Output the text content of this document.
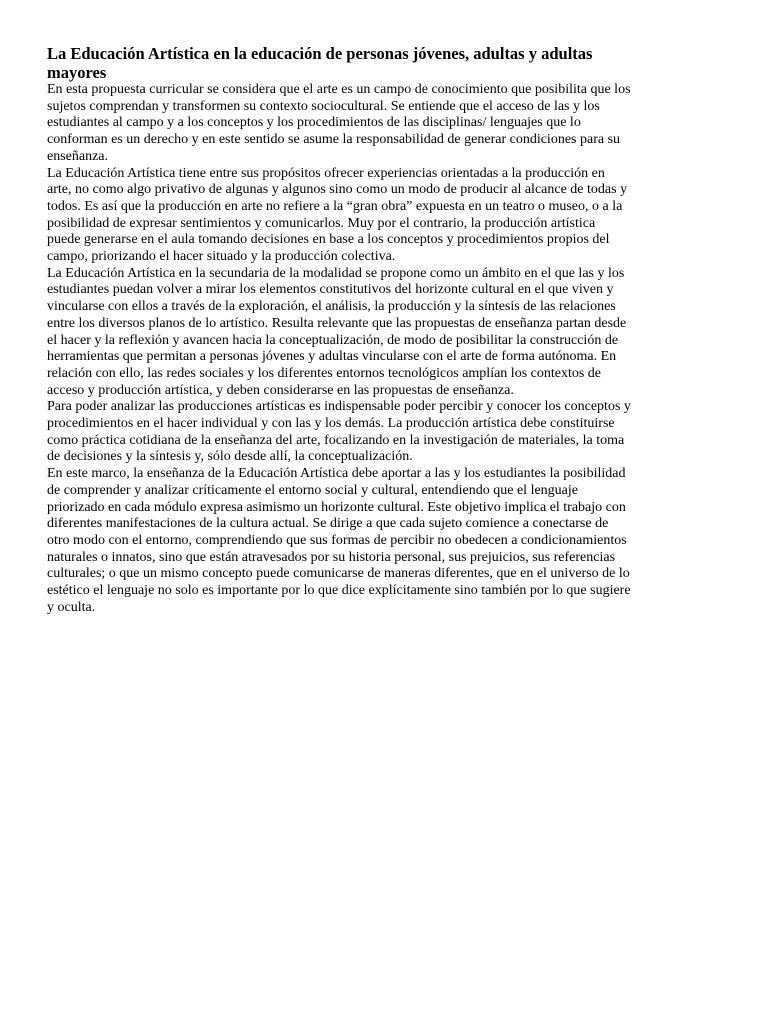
La Educación Artística en la educación de personas jóvenes, adultas y adultas mayores

En esta propuesta curricular se considera que el arte es un campo de conocimiento que posibilita que los sujetos comprendan y transformen su contexto sociocultural. Se entiende que el acceso de las y los estudiantes al campo y a los conceptos y los procedimientos de las disciplinas/ lenguajes que lo conforman es un derecho y en este sentido se asume la responsabilidad de generar condiciones para su enseñanza.

La Educación Artística tiene entre sus propósitos ofrecer experiencias orientadas a la producción en arte, no como algo privativo de algunas y algunos sino como un modo de producir al alcance de todas y todos. Es así que la producción en arte no refiere a la “gran obra” expuesta en un teatro o museo, o a la posibilidad de expresar sentimientos y comunicarlos. Muy por el contrario, la producción artística puede generarse en el aula tomando decisiones en base a los conceptos y procedimientos propios del campo, priorizando el hacer situado y la producción colectiva.

La Educación Artística en la secundaria de la modalidad se propone como un ámbito en el que las y los estudiantes puedan volver a mirar los elementos constitutivos del horizonte cultural en el que viven y vincularse con ellos a través de la exploración, el análisis, la producción y la síntesis de las relaciones entre los diversos planos de lo artístico. Resulta relevante que las propuestas de enseñanza partan desde el hacer y la reflexión y avancen hacia la conceptualización, de modo de posibilitar la construcción de herramientas que permitan a personas jóvenes y adultas vincularse con el arte de forma autónoma. En relación con ello, las redes sociales y los diferentes entornos tecnológicos amplían los contextos de acceso y producción artística, y deben considerarse en las propuestas de enseñanza.

Para poder analizar las producciones artísticas es indispensable poder percibir y conocer los conceptos y procedimientos en el hacer individual y con las y los demás. La producción artística debe constituirse como práctica cotidiana de la enseñanza del arte, focalizando en la investigación de materiales, la toma de decisiones y la síntesis y, sólo desde allí, la conceptualización.

En este marco, la enseñanza de la Educación Artística debe aportar a las y los estudiantes la posibilidad de comprender y analizar críticamente el entorno social y cultural, entendiendo que el lenguaje priorizado en cada módulo expresa asimismo un horizonte cultural. Este objetivo implica el trabajo con diferentes manifestaciones de la cultura actual. Se dirige a que cada sujeto comience a conectarse de otro modo con el entorno, comprendiendo que sus formas de percibir no obedecen a condicionamientos naturales o innatos, sino que están atravesados por su historia personal, sus prejuicios, sus referencias culturales; o que un mismo concepto puede comunicarse de maneras diferentes, que en el universo de lo estético el lenguaje no solo es importante por lo que dice explícitamente sino también por lo que sugiere y oculta.
